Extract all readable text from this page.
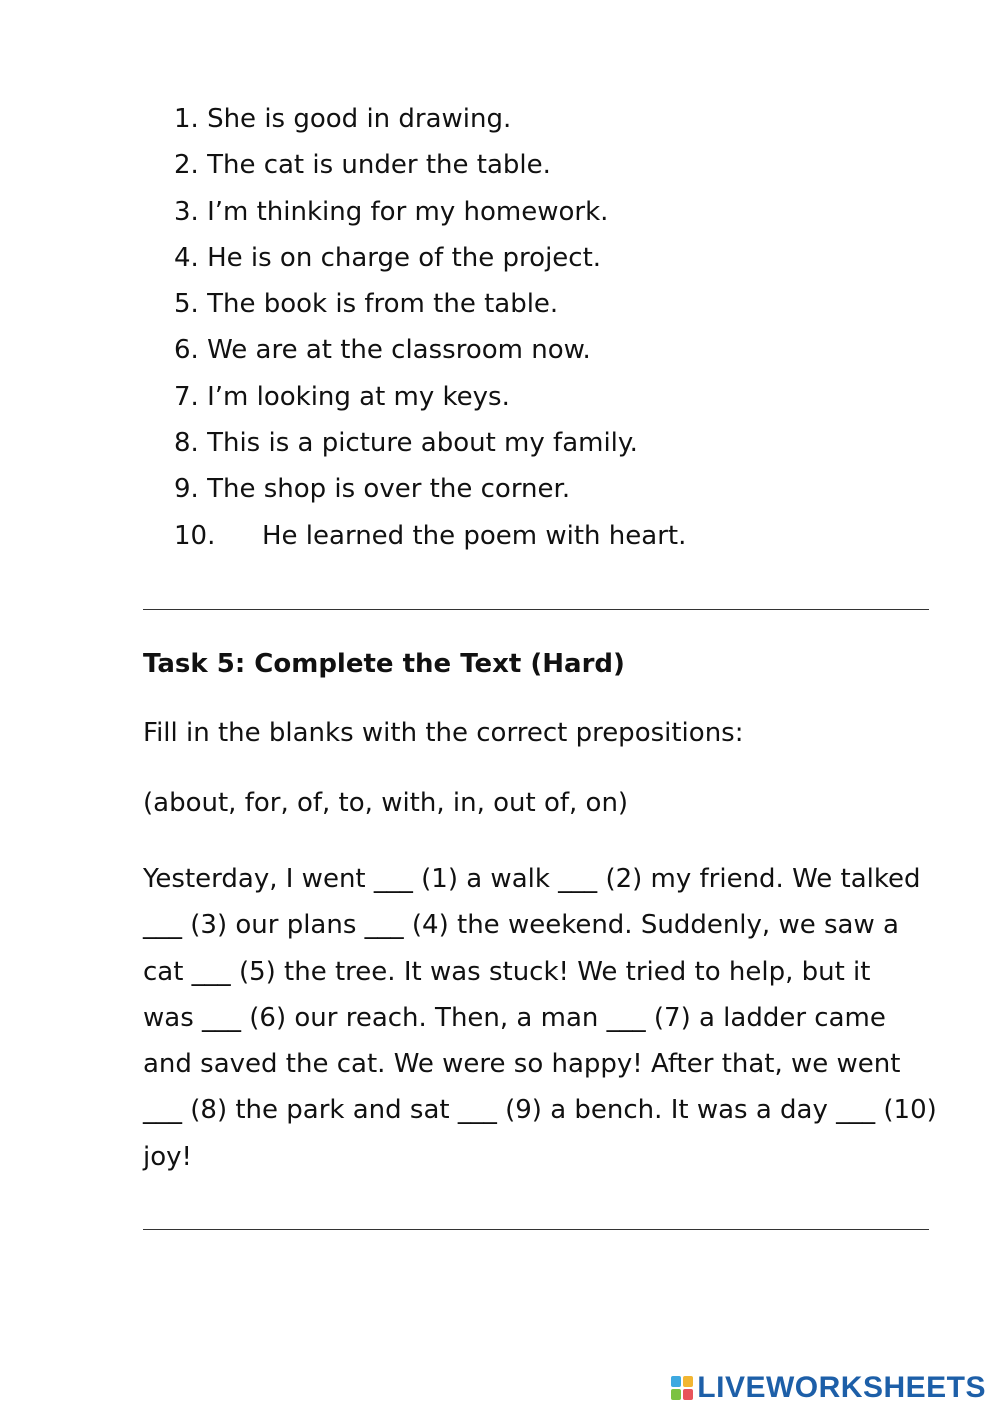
1. She is good in drawing.
2. The cat is under the table.
3. I’m thinking for my homework.
4. He is on charge of the project.
5. The book is from the table.
6. We are at the classroom now.
7. I’m looking at my keys.
8. This is a picture about my family.
9. The shop is over the corner.
10. He learned the poem with heart.
Task 5: Complete the Text (Hard)

Fill in the blanks with the correct prepositions:

(about, for, of, to, with, in, out of, on)

Yesterday, I went ___ (1) a walk ___ (2) my friend. We talked
___ (3) our plans ___ (4) the weekend. Suddenly, we saw a
cat ___ (5) the tree. It was stuck! We tried to help, but it
was ___ (6) our reach. Then, a man ___ (7) a ladder came
and saved the cat. We were so happy! After that, we went
___ (8) the park and sat ___ (9) a bench. It was a day ___ (10)
joy!

LIVEWORKSHEETS
